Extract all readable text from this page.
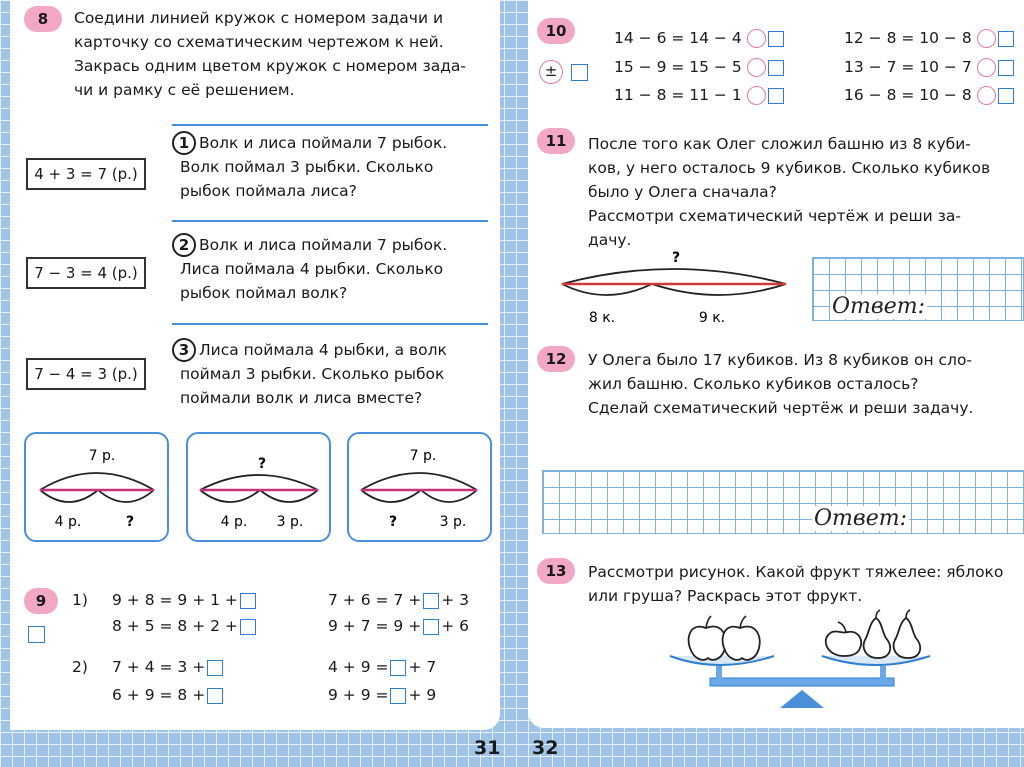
8	Соедини линией кружок с номером задачи и
карточку со схематическим чертежом к ней.
Закрась одним цветом кружок с номером зада-
чи и рамку с её решением.
4 + 3 = 7 (р.)
7 − 3 = 4 (р.)
7 − 4 = 3 (р.)
1 Волк и лиса поймали 7 рыбок.
Волк поймал 3 рыбки. Сколько
рыбок поймала лиса?
2 Волк и лиса поймали 7 рыбок.
Лиса поймала 4 рыбки. Сколько
рыбок поймал волк?
3 Лиса поймала 4 рыбки, а волк
поймал 3 рыбки. Сколько рыбок
поймали волк и лиса вместе?
7 р.
4 р.	?
?
4 р. 3 р.
7 р.
?	3 р.
9	1)
2)
9 + 8 = 9 + 1 +
8 + 5 = 8 + 2 +
7 + 6 = 7 + + 3
9 + 7 = 9 + + 6
7 + 4 = 3 +
6 + 9 = 8 +
4 + 9 = + 7
9 + 9 = + 9
31
10
±
14 − 6 = 14 − 4
15 − 9 = 15 − 5
11 − 8 = 11 − 1
12 − 8 = 10 − 8
13 − 7 = 10 − 7
16 − 8 = 10 − 8
11	После того как Олег сложил башню из 8 куби-
ков, у него осталось 9 кубиков. Сколько кубиков
было у Олега сначала?
Рассмотри схематический чертёж и реши за-
дачу.
?
8 к.	9 к.	Ответ:
12	У Олега было 17 кубиков. Из 8 кубиков он сло-
жил башню. Сколько кубиков осталось?
Сделай схематический чертёж и реши задачу.
Ответ:
13	Рассмотри рисунок. Какой фрукт тяжелее: яблоко
или груша? Раскрась этот фрукт.
32
